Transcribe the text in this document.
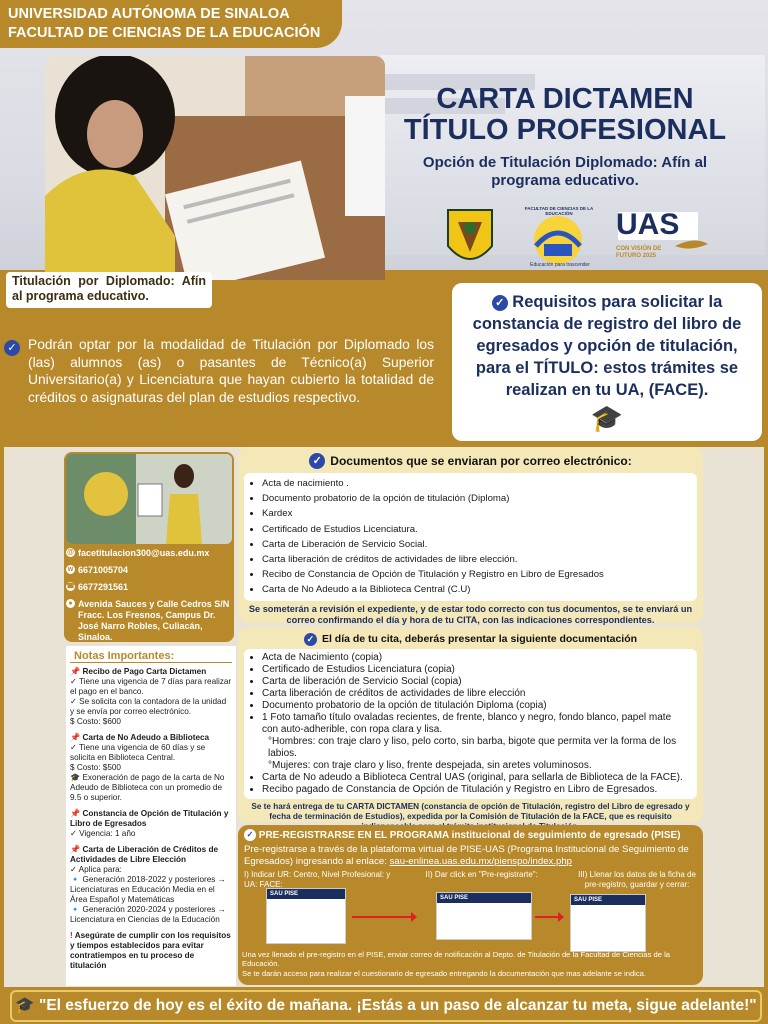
UNIVERSIDAD AUTÓNOMA DE SINALOA
FACULTAD DE CIENCIAS DE LA EDUCACIÓN
CARTA DICTAMEN
TÍTULO PROFESIONAL
Opción de Titulación Diplomado: Afín al programa educativo.
UAS
CON VISIÓN DE FUTURO 2025
Educación para trascender
FACULTAD DE CIENCIAS DE LA EDUCACIÓN
Titulación por Diplomado: Afín al programa educativo.
✓ Podrán optar por la modalidad de Titulación por Diplomado los (las) alumnos (as) o pasantes de Técnico(a) Superior Universitario(a) y Licenciatura que hayan cubierto la totalidad de créditos o asignaturas del plan de estudios respectivo.
✓ Requisitos para solicitar la constancia de registro del libro de egresados y opción de titulación, para el TÍTULO: estos trámites se realizan en tu UA, (FACE).
🎓
@ facetitulacion300@uas.edu.mx
w 6671005704
☎ 6677291561
● Avenida Sauces y Calle Cedros S/N Fracc. Los Fresnos, Campus Dr. José Narro Robles, Culiacán, Sinaloa.
Notas Importantes:
📌 Recibo de Pago Carta Dictamen
✓ Tiene una vigencia de 7 días para realizar el pago en el banco.
✓ Se solicita con la contadora de la unidad y se envía por correo electrónico.
$ Costo: $600
📌 Carta de No Adeudo a Biblioteca
✓ Tiene una vigencia de 60 días y se solicita en Biblioteca Central.
$ Costo: $500
🎓 Exoneración de pago de la carta de No Adeudo de Biblioteca con un promedio de 9.5 o superior.
📌 Constancia de Opción de Titulación y Libro de Egresados
✓ Vigencia: 1 año
📌 Carta de Liberación de Créditos de Actividades de Libre Elección
✓ Aplica para:
🔹 Generación 2018-2022 y posteriores → Licenciaturas en Educación Media en el Área Español y Matemáticas
🔹 Generación 2020-2024 y posteriores → Licenciatura en Ciencias de la Educación
! Asegúrate de cumplir con los requisitos y tiempos establecidos para evitar contratiempos en tu proceso de titulación
✓ Documentos que se enviaran por correo electrónico:
• Acta de nacimiento .
• Documento probatorio de la opción de titulación (Diploma)
• Kardex
• Certificado de Estudios Licenciatura.
• Carta de Liberación de Servicio Social.
• Carta liberación de créditos de actividades de libre elección.
• Recibo de Constancia de Opción de Titulación y Registro en Libro de Egresados
• Carta de No Adeudo a la Biblioteca Central (C.U)
Se someterán a revisión el expediente, y de estar todo correcto con tus documentos, se te enviará un correo confirmando el día y hora de tu CITA, con las indicaciones correspondientes.
✓ El día de tu cita, deberás presentar la siguiente documentación
• Acta de Nacimiento (copia)
• Certificado de Estudios Licenciatura (copia)
• Carta de liberación de Servicio Social (copia)
• Carta liberación de créditos de actividades de libre elección
• Documento probatorio de la opción de titulación Diploma (copia)
• 1 Foto tamaño título ovaladas recientes, de frente, blanco y negro, fondo blanco, papel mate con auto-adherible, con ropa clara y lisa.
°Hombres: con traje claro y liso, pelo corto, sin barba, bigote que permita ver la forma de los labios.
°Mujeres: con traje claro y liso, frente despejada, sin aretes voluminosos.
• Carta de No adeudo a Biblioteca Central UAS (original, para sellarla de Biblioteca de la FACE).
• Recibo pagado de Constancia de Opción de Titulación y Registro en Libro de Egresados.
Se te hará entrega de tu CARTA DICTAMEN (constancia de opción de Titulación, registro del Libro de egresado y fecha de terminación de Estudios), expedida por la Comisión de Titulación de la FACE, que es requisito
✓ PRE-REGISTRARSE EN EL PROGRAMA institucional de seguimiento de egresado (PISE)
Pre-registrarse a través de la plataforma virtual de PISE-UAS (Programa Institucional de Seguimiento de Egresados) ingresando al enlace: sau-enlinea.uas.edu.mx/pienspo/index.php
I) Indicar UR: Centro, Nivel Profesional: y UA: FACE:
II) Dar click en "Pre-registrarte":	III) Llenar los datos de la ficha de pre-registro, guardar y cerrar:
SAU PISE
SAU PISE	SAU PISE
Una vez llenado el pre-registro en el PISE, enviar correo de notificación al Depto. de Titulación de la Facultad de Ciencias de la Educación.
Se te darán acceso para realizar el cuestionario de egresado entregando la documentación que mas adelante se indica.
🎓 "El esfuerzo de hoy es el éxito de mañana. ¡Estás a un paso de alcanzar tu meta, sigue adelante!"
